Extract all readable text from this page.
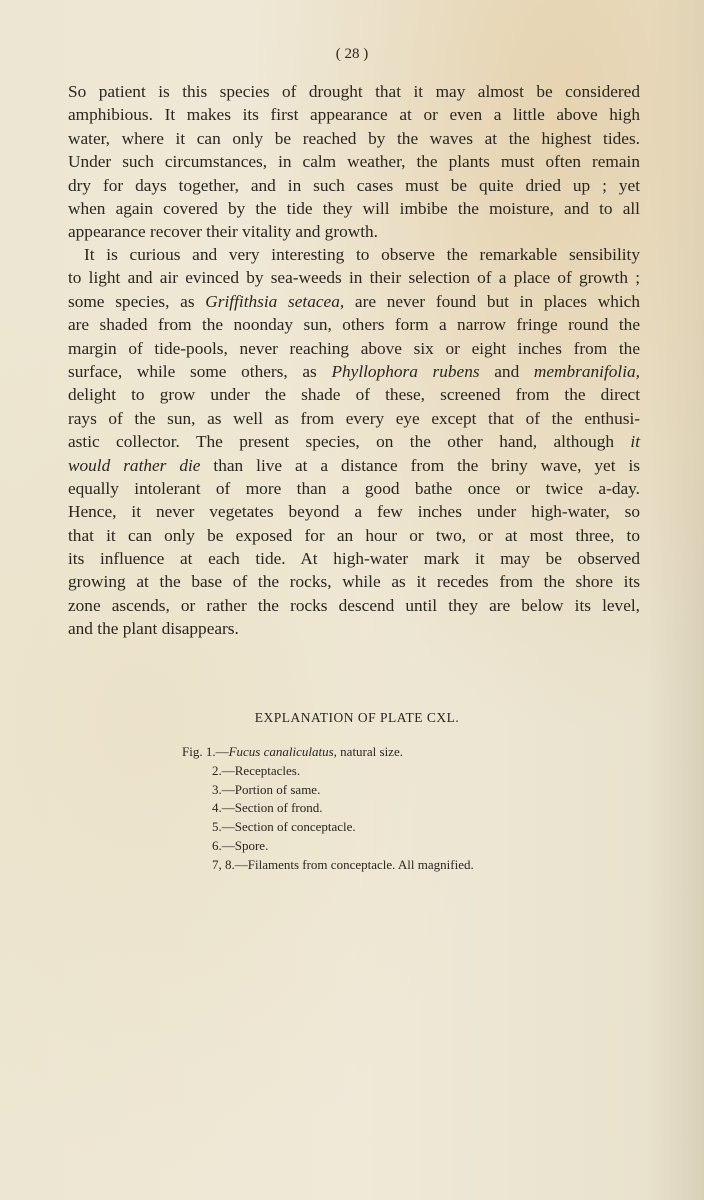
( 28 )
So patient is this species of drought that it may almost be considered
amphibious. It makes its first appearance at or even a little above high
water, where it can only be reached by the waves at the highest tides.
Under such circumstances, in calm weather, the plants must often remain
dry for days together, and in such cases must be quite dried up ; yet
when again covered by the tide they will imbibe the moisture, and to all
appearance recover their vitality and growth.
It is curious and very interesting to observe the remarkable sensibility
to light and air evinced by sea-weeds in their selection of a place of growth ;
some species, as Griffithsia setacea, are never found but in places which
are shaded from the noonday sun, others form a narrow fringe round the
margin of tide-pools, never reaching above six or eight inches from the
surface, while some others, as Phyllophora rubens and membranifolia,
delight to grow under the shade of these, screened from the direct
rays of the sun, as well as from every eye except that of the enthusi-
astic collector. The present species, on the other hand, although it
would rather die than live at a distance from the briny wave, yet is
equally intolerant of more than a good bathe once or twice a-day.
Hence, it never vegetates beyond a few inches under high-water, so
that it can only be exposed for an hour or two, or at most three, to
its influence at each tide. At high-water mark it may be observed
growing at the base of the rocks, while as it recedes from the shore its
zone ascends, or rather the rocks descend until they are below its level,
and the plant disappears.
EXPLANATION OF PLATE CXL.
Fig. 1.—Fucus canaliculatus, natural size.
2.—Receptacles.
3.—Portion of same.
4.—Section of frond.
5.—Section of conceptacle.
6.—Spore.
7, 8.—Filaments from conceptacle. All magnified.
